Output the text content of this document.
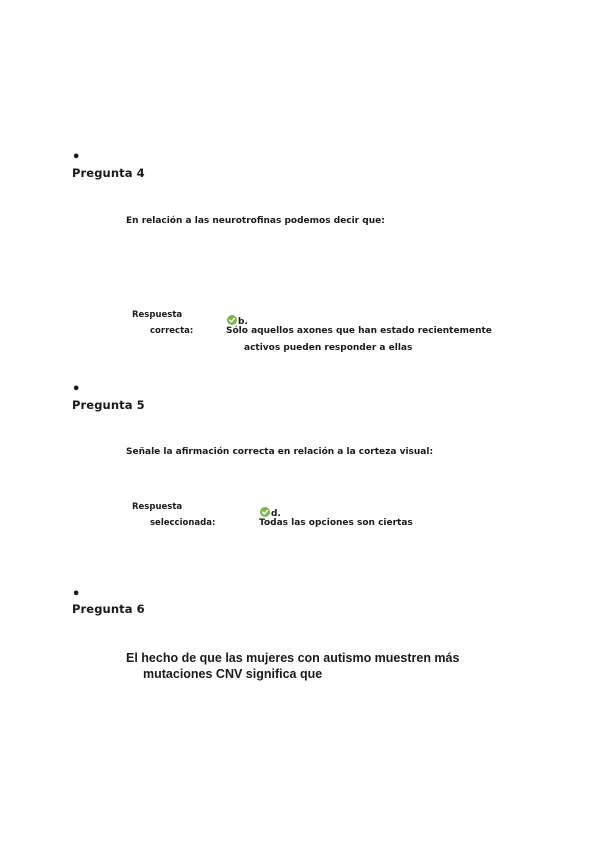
•
Pregunta 4
En relación a las neurotrofinas podemos decir que:
Respuesta
correcta:
b.
Sólo aquellos axones que han estado recientemente
activos pueden responder a ellas
•
Pregunta 5
Señale la afirmación correcta en relación a la corteza visual:
Respuesta
seleccionada:
d.
Todas las opciones son ciertas
•
Pregunta 6
El hecho de que las mujeres con autismo muestren más
mutaciones CNV significa que
